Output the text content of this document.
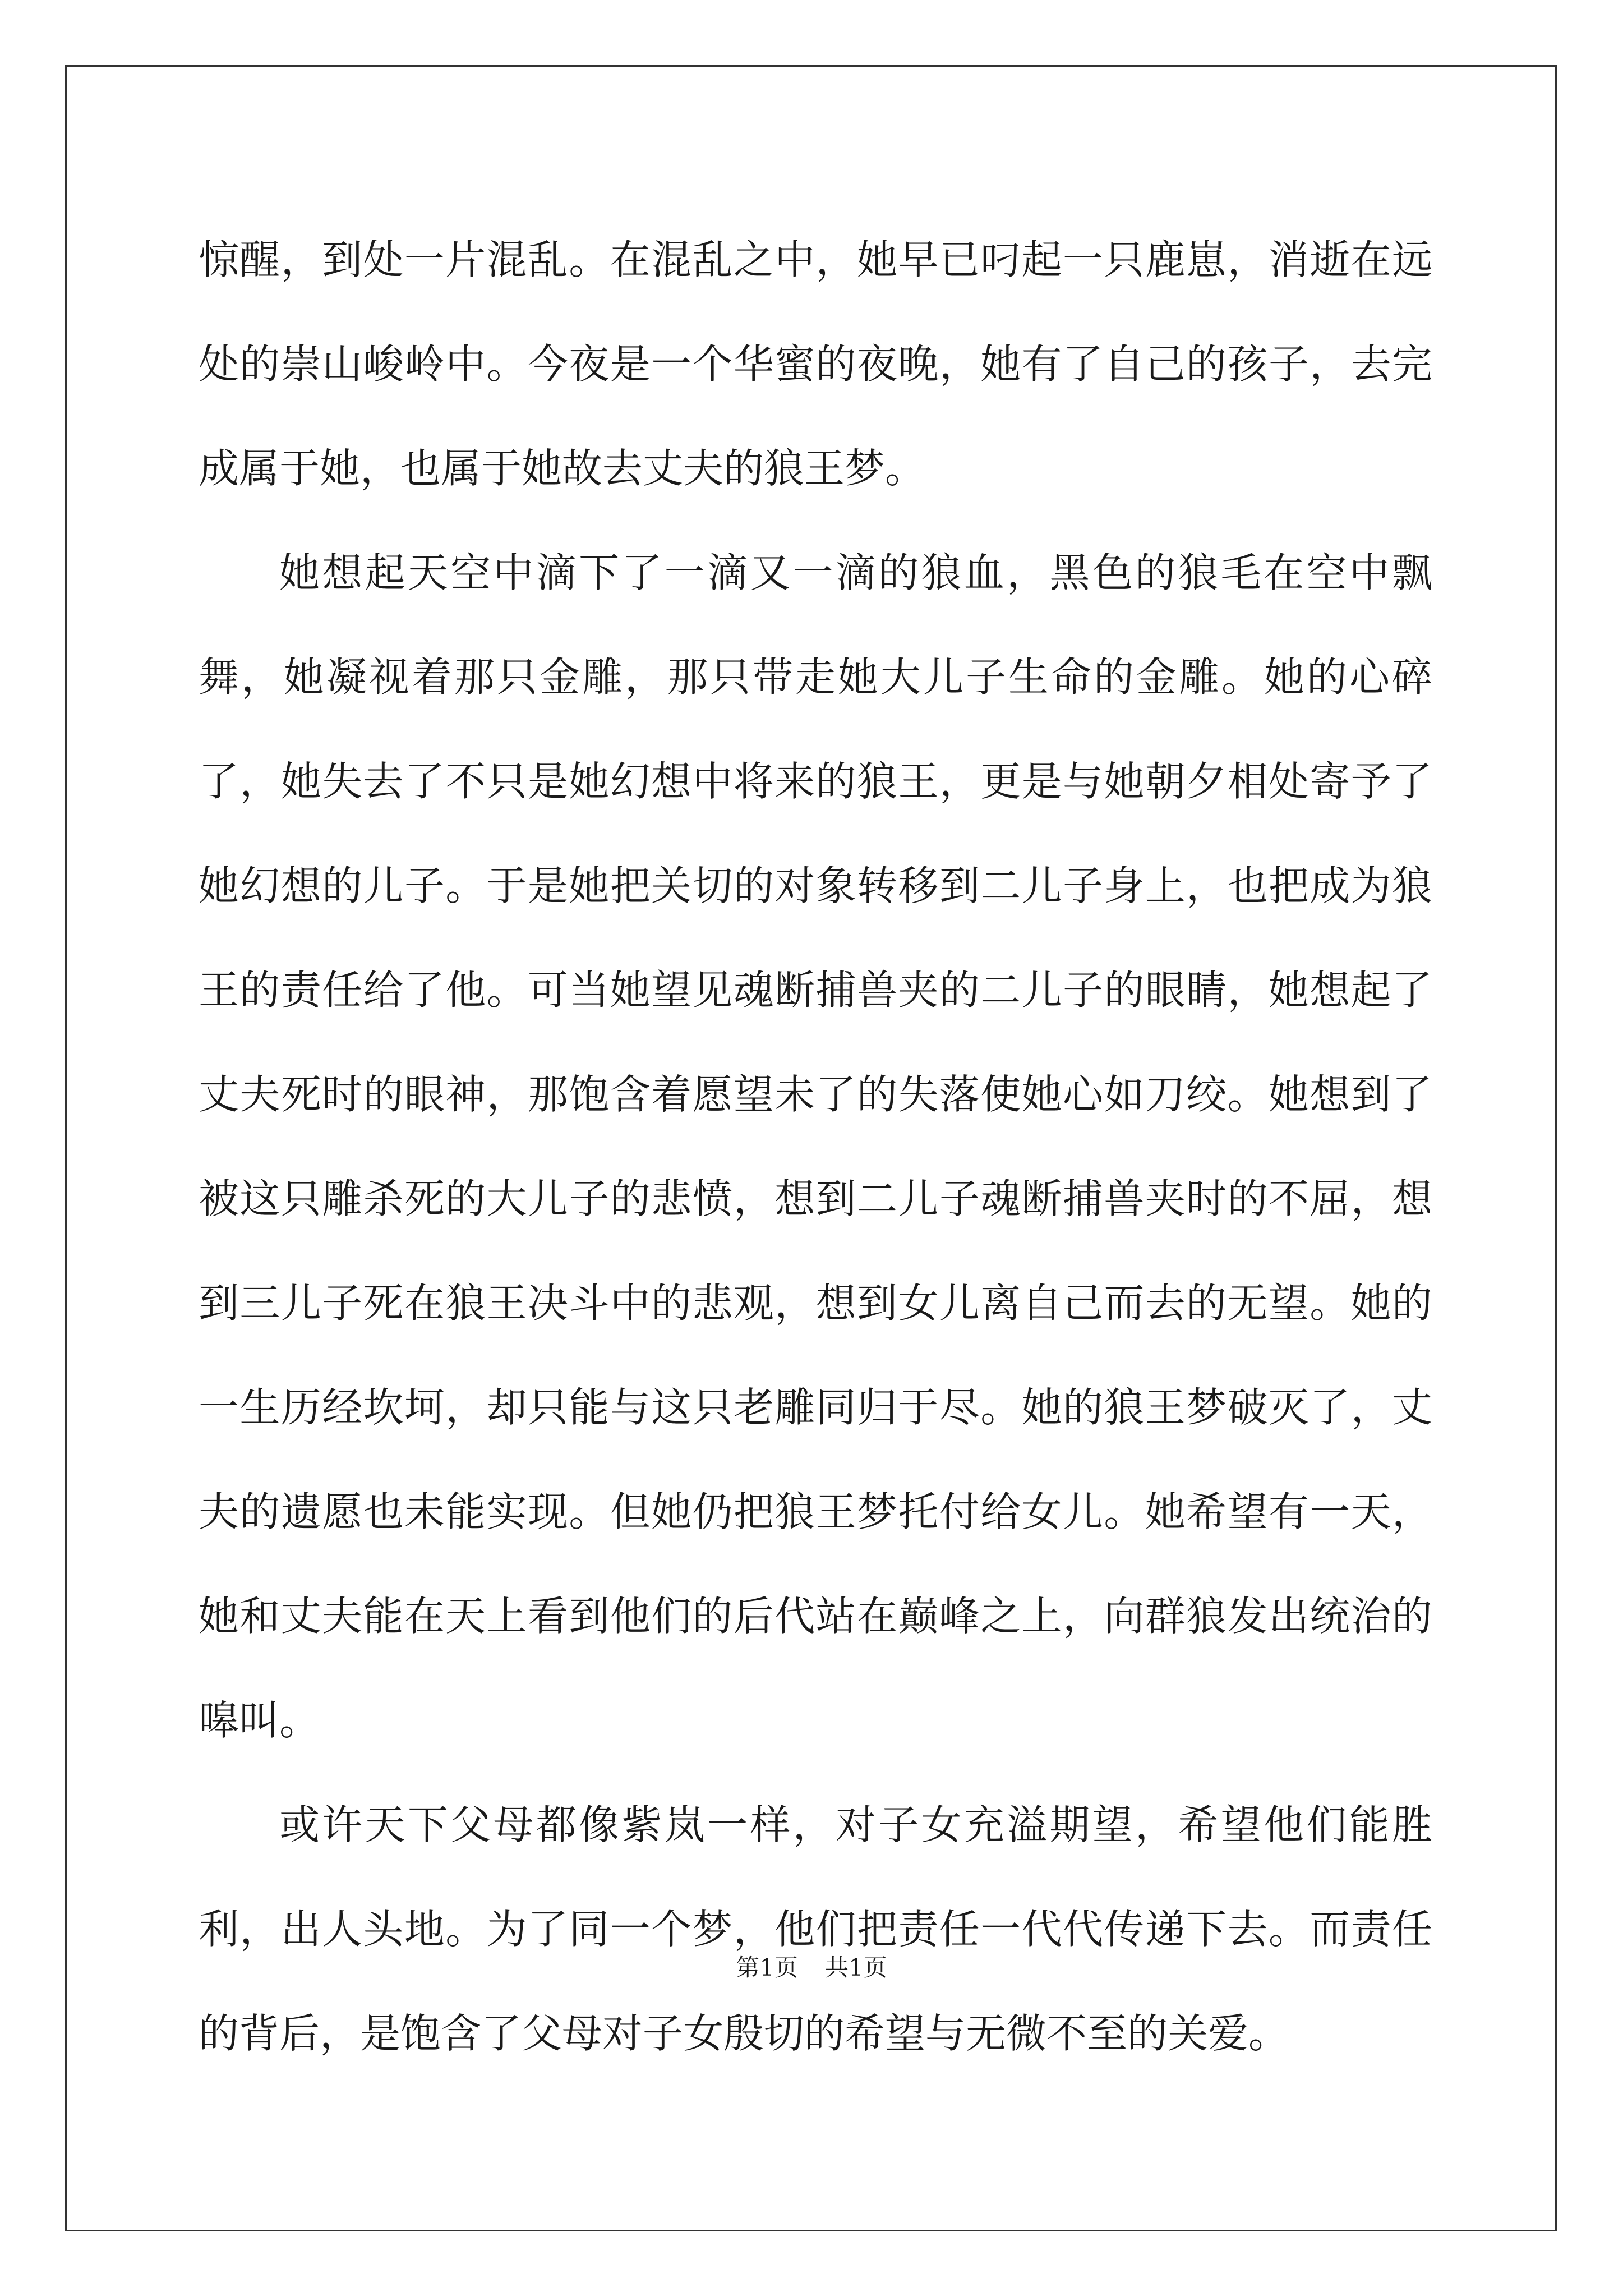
惊醒，到处一片混乱。在混乱之中，她早已叼起一只鹿崽，消逝在远处的崇山峻岭中。今夜是一个华蜜的夜晚，她有了自己的孩子，去完成属于她，也属于她故去丈夫的狼王梦。

她想起天空中滴下了一滴又一滴的狼血，黑色的狼毛在空中飘舞，她凝视着那只金雕，那只带走她大儿子生命的金雕。她的心碎了，她失去了不只是她幻想中将来的狼王，更是与她朝夕相处寄予了她幻想的儿子。于是她把关切的对象转移到二儿子身上，也把成为狼王的责任给了他。可当她望见魂断捕兽夹的二儿子的眼睛，她想起了丈夫死时的眼神，那饱含着愿望未了的失落使她心如刀绞。她想到了被这只雕杀死的大儿子的悲愤，想到二儿子魂断捕兽夹时的不屈，想到三儿子死在狼王决斗中的悲观，想到女儿离自己而去的无望。她的一生历经坎坷，却只能与这只老雕同归于尽。她的狼王梦破灭了，丈夫的遗愿也未能实现。但她仍把狼王梦托付给女儿。她希望有一天，她和丈夫能在天上看到他们的后代站在巅峰之上，向群狼发出统治的嗥叫。

或许天下父母都像紫岚一样，对子女充溢期望，希望他们能胜利，出人头地。为了同一个梦，他们把责任一代代传递下去。而责任的背后，是饱含了父母对子女殷切的希望与无微不至的关爱。

第1页 共1页
